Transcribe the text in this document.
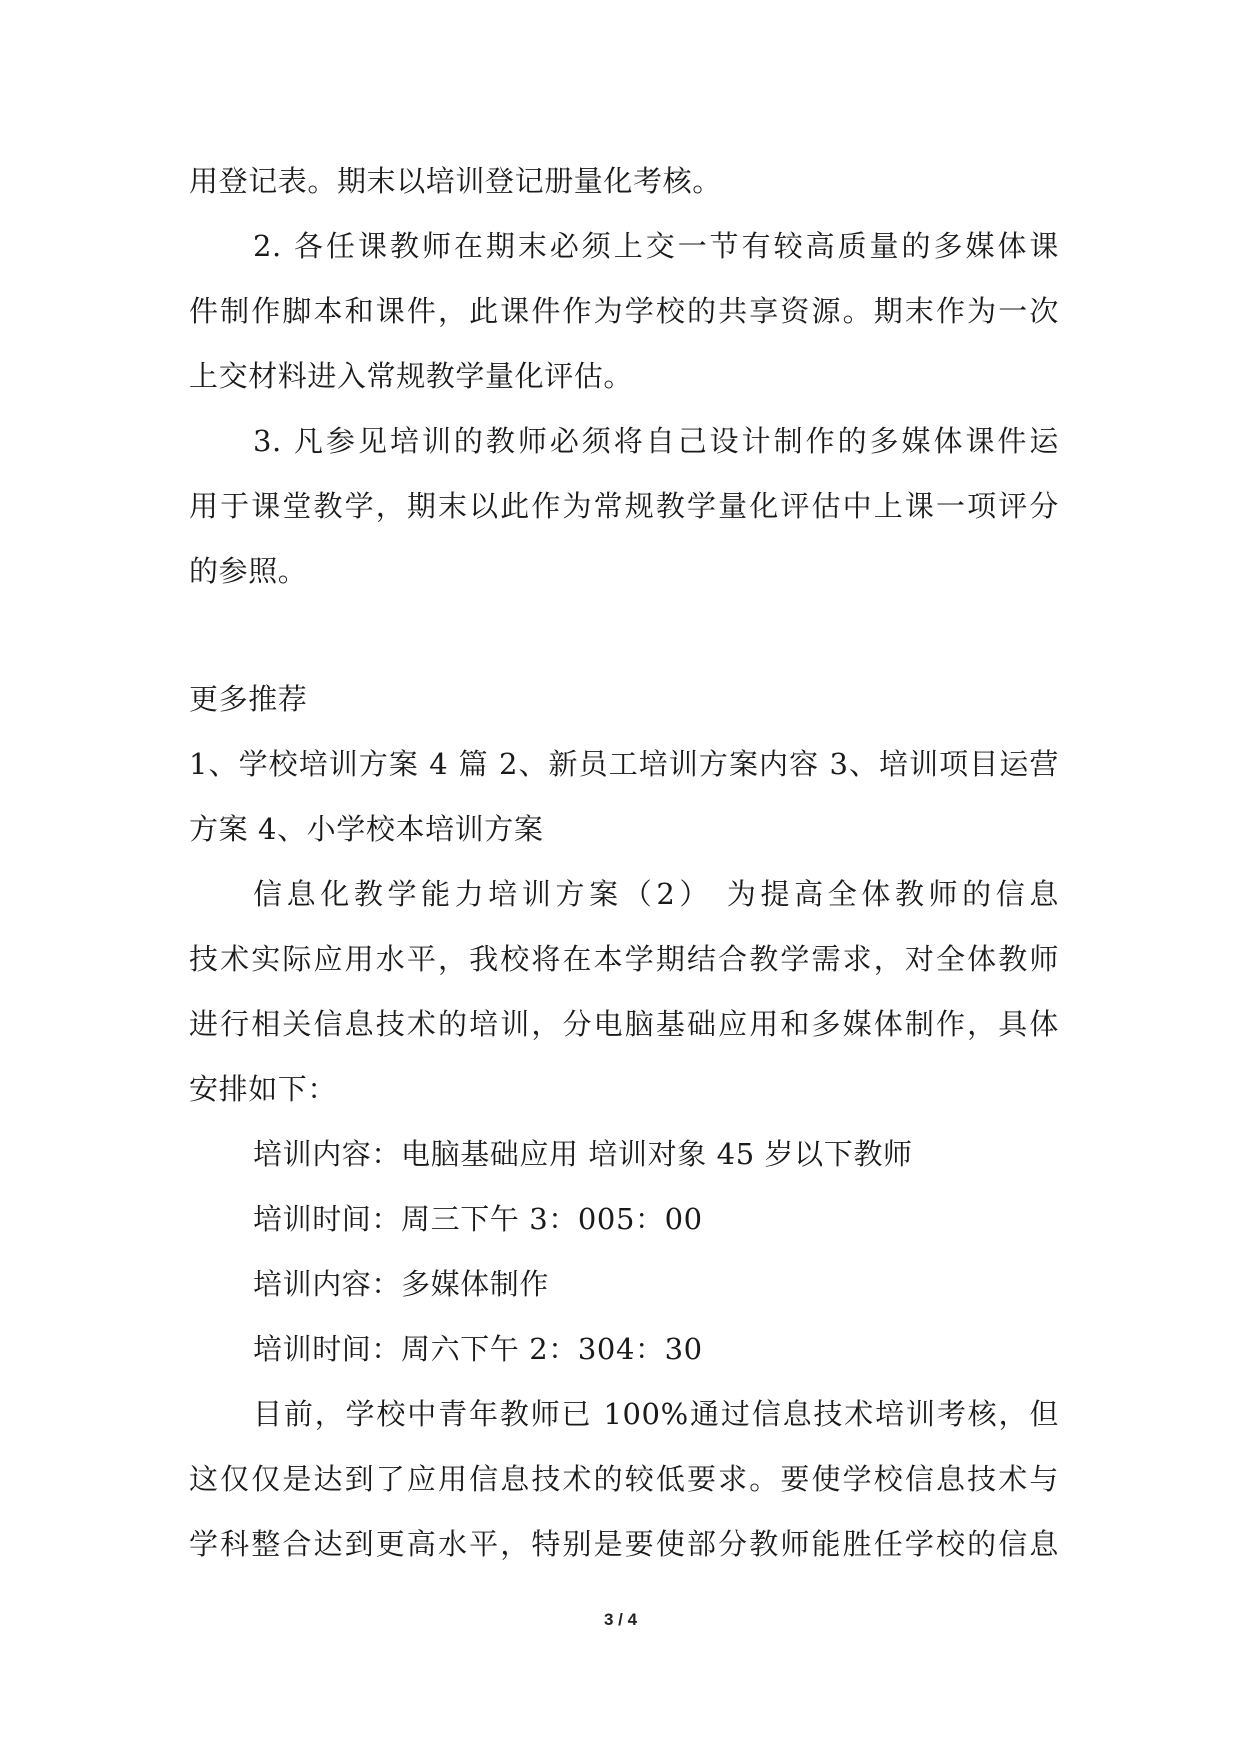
用登记表。期末以培训登记册量化考核。
2. 各任课教师在期末必须上交一节有较高质量的多媒体课
件制作脚本和课件，此课件作为学校的共享资源。期末作为一次
上交材料进入常规教学量化评估。
3. 凡参见培训的教师必须将自己设计制作的多媒体课件运
用于课堂教学，期末以此作为常规教学量化评估中上课一项评分
的参照。
更多推荐
1、学校培训方案 4 篇 2、新员工培训方案内容 3、培训项目运营
方案 4、小学校本培训方案
信息化教学能力培训方案（2） 为提高全体教师的信息
技术实际应用水平，我校将在本学期结合教学需求，对全体教师
进行相关信息技术的培训，分电脑基础应用和多媒体制作，具体
安排如下：
培训内容：电脑基础应用 培训对象 45 岁以下教师
培训时间：周三下午 3：005：00
培训内容：多媒体制作
培训时间：周六下午 2：304：30
目前，学校中青年教师已 100%通过信息技术培训考核，但
这仅仅是达到了应用信息技术的较低要求。要使学校信息技术与
学科整合达到更高水平，特别是要使部分教师能胜任学校的信息
3 / 4
